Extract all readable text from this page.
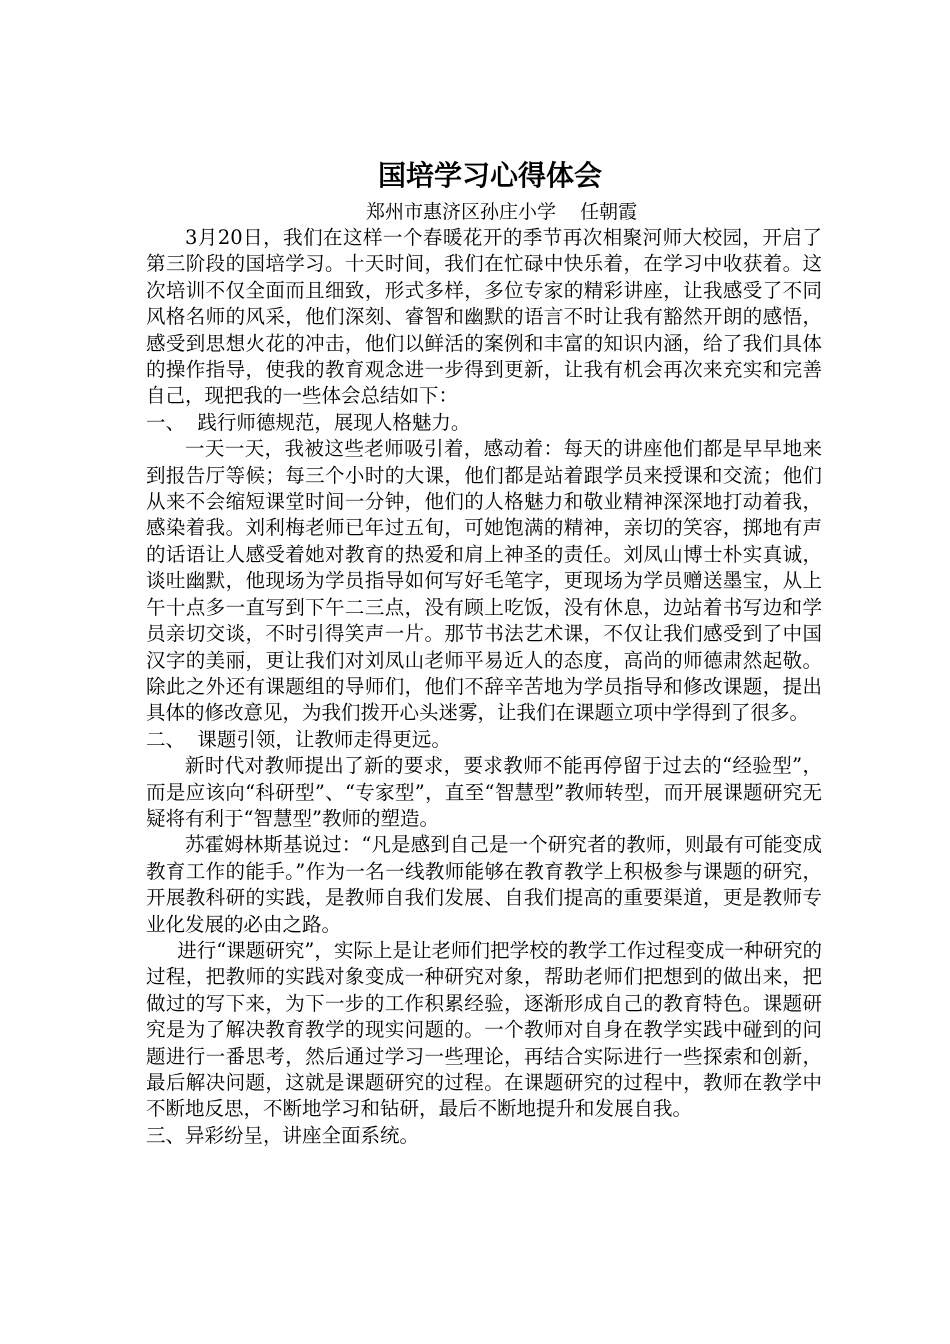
国培学习心得体会

郑州市惠济区孙庄小学    任朝霞

3月20日，我们在这样一个春暖花开的季节再次相聚河师大校园，开启了第三阶段的国培学习。十天时间，我们在忙碌中快乐着，在学习中收获着。这次培训不仅全面而且细致，形式多样，多位专家的精彩讲座，让我感受了不同风格名师的风采，他们深刻、睿智和幽默的语言不时让我有豁然开朗的感悟，感受到思想火花的冲击，他们以鲜活的案例和丰富的知识内涵，给了我们具体的操作指导，使我的教育观念进一步得到更新，让我有机会再次来充实和完善自己，现把我的一些体会总结如下：

一、  践行师德规范，展现人格魅力。

一天一天，我被这些老师吸引着，感动着：每天的讲座他们都是早早地来到报告厅等候；每三个小时的大课，他们都是站着跟学员来授课和交流；他们从来不会缩短课堂时间一分钟，他们的人格魅力和敬业精神深深地打动着我，感染着我。刘利梅老师已年过五旬，可她饱满的精神，亲切的笑容，掷地有声的话语让人感受着她对教育的热爱和肩上神圣的责任。刘凤山博士朴实真诚，谈吐幽默，他现场为学员指导如何写好毛笔字，更现场为学员赠送墨宝，从上午十点多一直写到下午二三点，没有顾上吃饭，没有休息，边站着书写边和学员亲切交谈，不时引得笑声一片。那节书法艺术课，不仅让我们感受到了中国汉字的美丽，更让我们对刘凤山老师平易近人的态度，高尚的师德肃然起敬。除此之外还有课题组的导师们，他们不辞辛苦地为学员指导和修改课题，提出具体的修改意见，为我们拨开心头迷雾，让我们在课题立项中学得到了很多。

二、  课题引领，让教师走得更远。

新时代对教师提出了新的要求，要求教师不能再停留于过去的“经验型”，而是应该向“科研型”、“专家型”，直至“智慧型”教师转型，而开展课题研究无疑将有利于“智慧型”教师的塑造。

苏霍姆林斯基说过：“凡是感到自己是一个研究者的教师，则最有可能变成教育工作的能手。”作为一名一线教师能够在教育教学上积极参与课题的研究，开展教科研的实践，是教师自我们发展、自我们提高的重要渠道，更是教师专业化发展的必由之路。

进行“课题研究”，实际上是让老师们把学校的教学工作过程变成一种研究的过程，把教师的实践对象变成一种研究对象，帮助老师们把想到的做出来，把做过的写下来，为下一步的工作积累经验，逐渐形成自己的教育特色。课题研究是为了解决教育教学的现实问题的。一个教师对自身在教学实践中碰到的问题进行一番思考，然后通过学习一些理论，再结合实际进行一些探索和创新，最后解决问题，这就是课题研究的过程。在课题研究的过程中，教师在教学中不断地反思，不断地学习和钻研，最后不断地提升和发展自我。

三、异彩纷呈，讲座全面系统。
